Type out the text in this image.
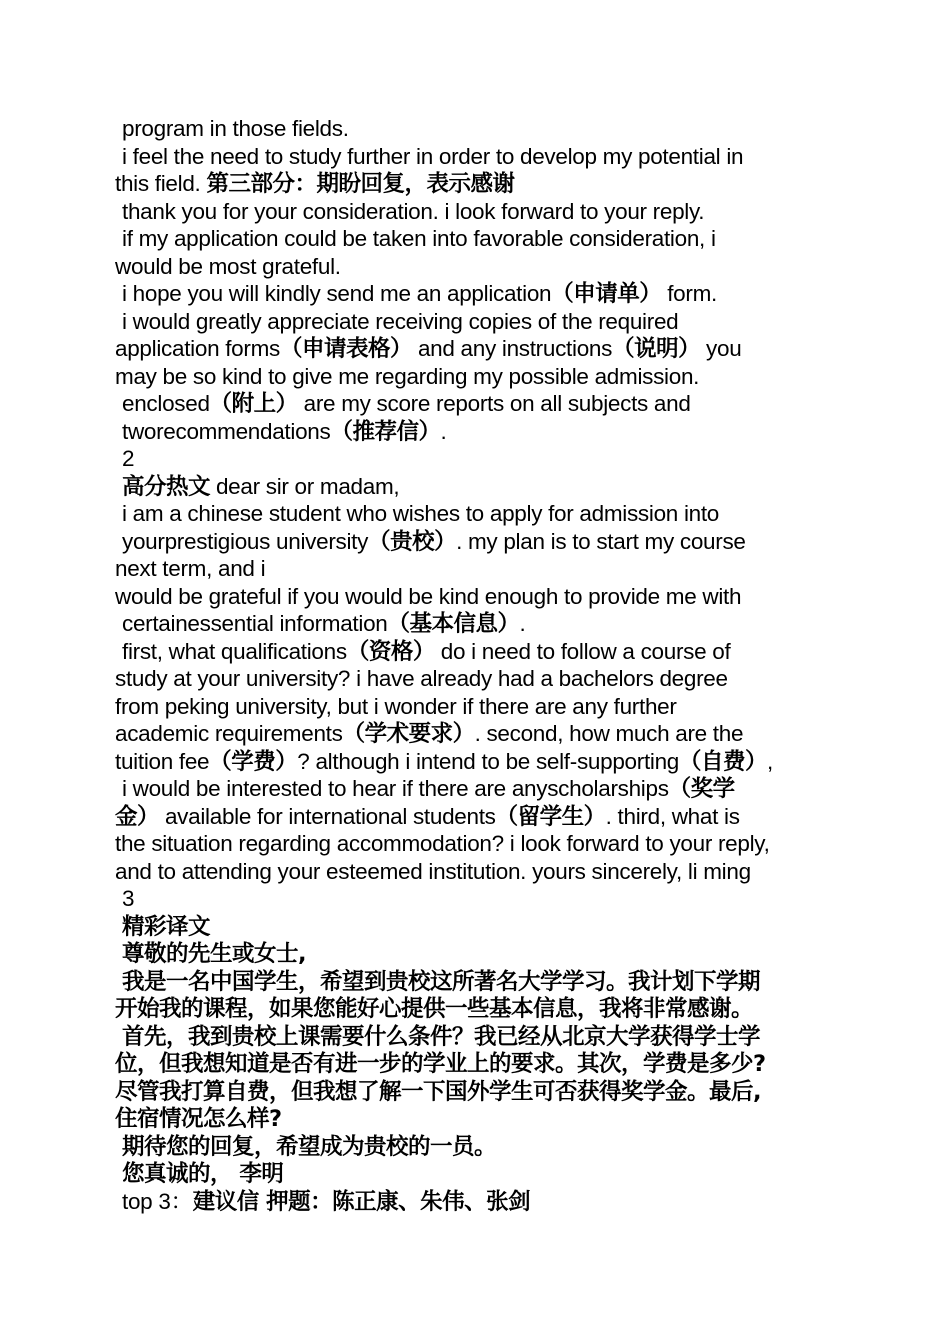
program in those fields.
i feel the need to study further in order to develop my potential in
this field. 第三部分：期盼回复，表示感谢
thank you for your consideration. i look forward to your reply.
if my application could be taken into favorable consideration, i
would be most grateful.
i hope you will kindly send me an application（申请单） form.
i would greatly appreciate receiving copies of the required
application forms（申请表格） and any instructions（说明） you
may be so kind to give me regarding my possible admission.
enclosed（附上） are my score reports on all subjects and
tworecommendations（推荐信）.
2
高分热文 dear sir or madam,
i am a chinese student who wishes to apply for admission into
yourprestigious university（贵校）. my plan is to start my course
next term, and i
would be grateful if you would be kind enough to provide me with
certainessential information（基本信息）.
first, what qualifications（资格） do i need to follow a course of
study at your university? i have already had a bachelors degree
from peking university, but i wonder if there are any further
academic requirements（学术要求）. second, how much are the
tuition fee（学费）? although i intend to be self-supporting（自费）,
i would be interested to hear if there are anyscholarships（奖学
金） available for international students（留学生）. third, what is
the situation regarding accommodation? i look forward to your reply,
and to attending your esteemed institution. yours sincerely, li ming
3
精彩译文
尊敬的先生或女士,
我是一名中国学生，希望到贵校这所著名大学学习。我计划下学期
开始我的课程，如果您能好心提供一些基本信息，我将非常感谢。
首先，我到贵校上课需要什么条件？我已经从北京大学获得学士学
位，但我想知道是否有进一步的学业上的要求。其次，学费是多少?
尽管我打算自费，但我想了解一下国外学生可否获得奖学金。最后,
住宿情况怎么样?
期待您的回复，希望成为贵校的一员。
您真诚的， 李明
top 3：建议信 押题：陈正康、朱伟、张剑
